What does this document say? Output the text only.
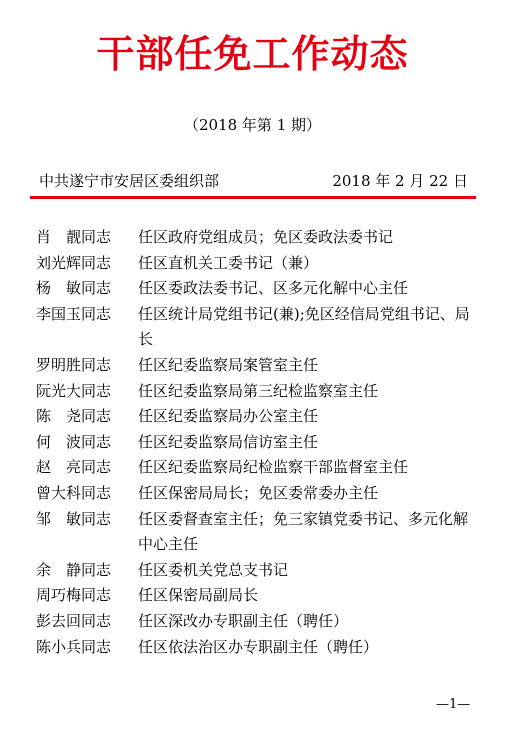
干部任免工作动态
（2018 年第 1 期）
中共遂宁市安居区委组织部	2018 年 2 月 22 日
肖　靓同志	任区政府党组成员；免区委政法委书记
刘光辉同志	任区直机关工委书记（兼）
杨　敏同志	任区委政法委书记、区多元化解中心主任
李国玉同志	任区统计局党组书记(兼);免区经信局党组书记、局长
罗明胜同志	任区纪委监察局案管室主任
阮光大同志	任区纪委监察局第三纪检监察室主任
陈　尧同志	任区纪委监察局办公室主任
何　波同志	任区纪委监察局信访室主任
赵　亮同志	任区纪委监察局纪检监察干部监督室主任
曾大科同志	任区保密局局长；免区委常委办主任
邹　敏同志	任区委督查室主任；免三家镇党委书记、多元化解中心主任
余　静同志	任区委机关党总支书记
周巧梅同志	任区保密局副局长
彭去回同志	任区深改办专职副主任（聘任）
陈小兵同志	任区依法治区办专职副主任（聘任）
—1—
